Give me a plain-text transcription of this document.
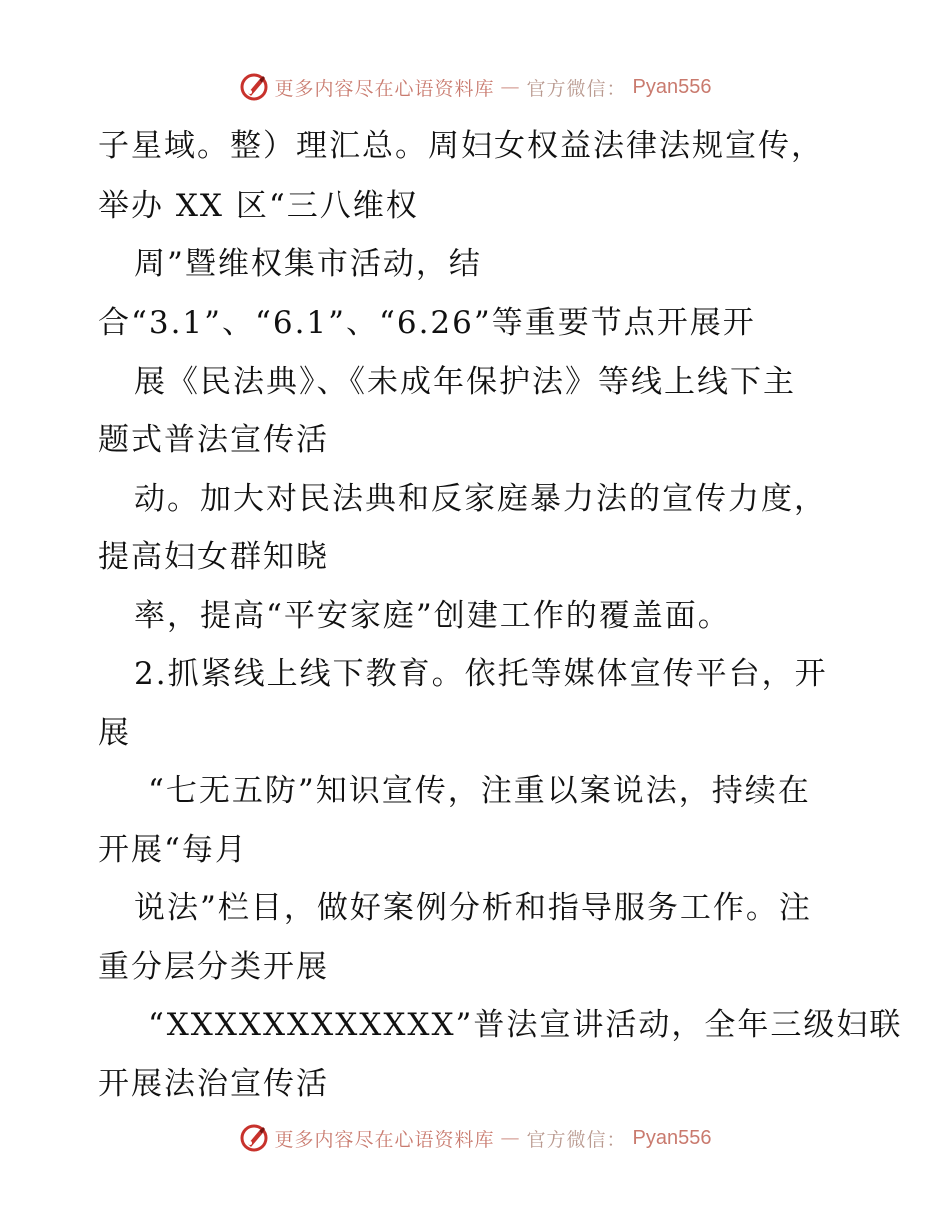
更多内容尽在心语资料库 — 官方微信： Pyan556
子星域。整）理汇总。周妇女权益法律法规宣传，
举办 XX 区“三八维权
周”暨维权集市活动，结
合“3.1”、“6.1”、“6.26”等重要节点开展开
展《民法典》、《未成年保护法》等线上线下主
题式普法宣传活
动。加大对民法典和反家庭暴力法的宣传力度，
提高妇女群知晓
率，提高“平安家庭”创建工作的覆盖面。
2.抓紧线上线下教育。依托等媒体宣传平台，开
展
“七无五防”知识宣传，注重以案说法，持续在
开展“每月
说法”栏目，做好案例分析和指导服务工作。注
重分层分类开展
“XXXXXXXXXXXX”普法宣讲活动，全年三级妇联
开展法治宣传活
更多内容尽在心语资料库 — 官方微信： Pyan556
